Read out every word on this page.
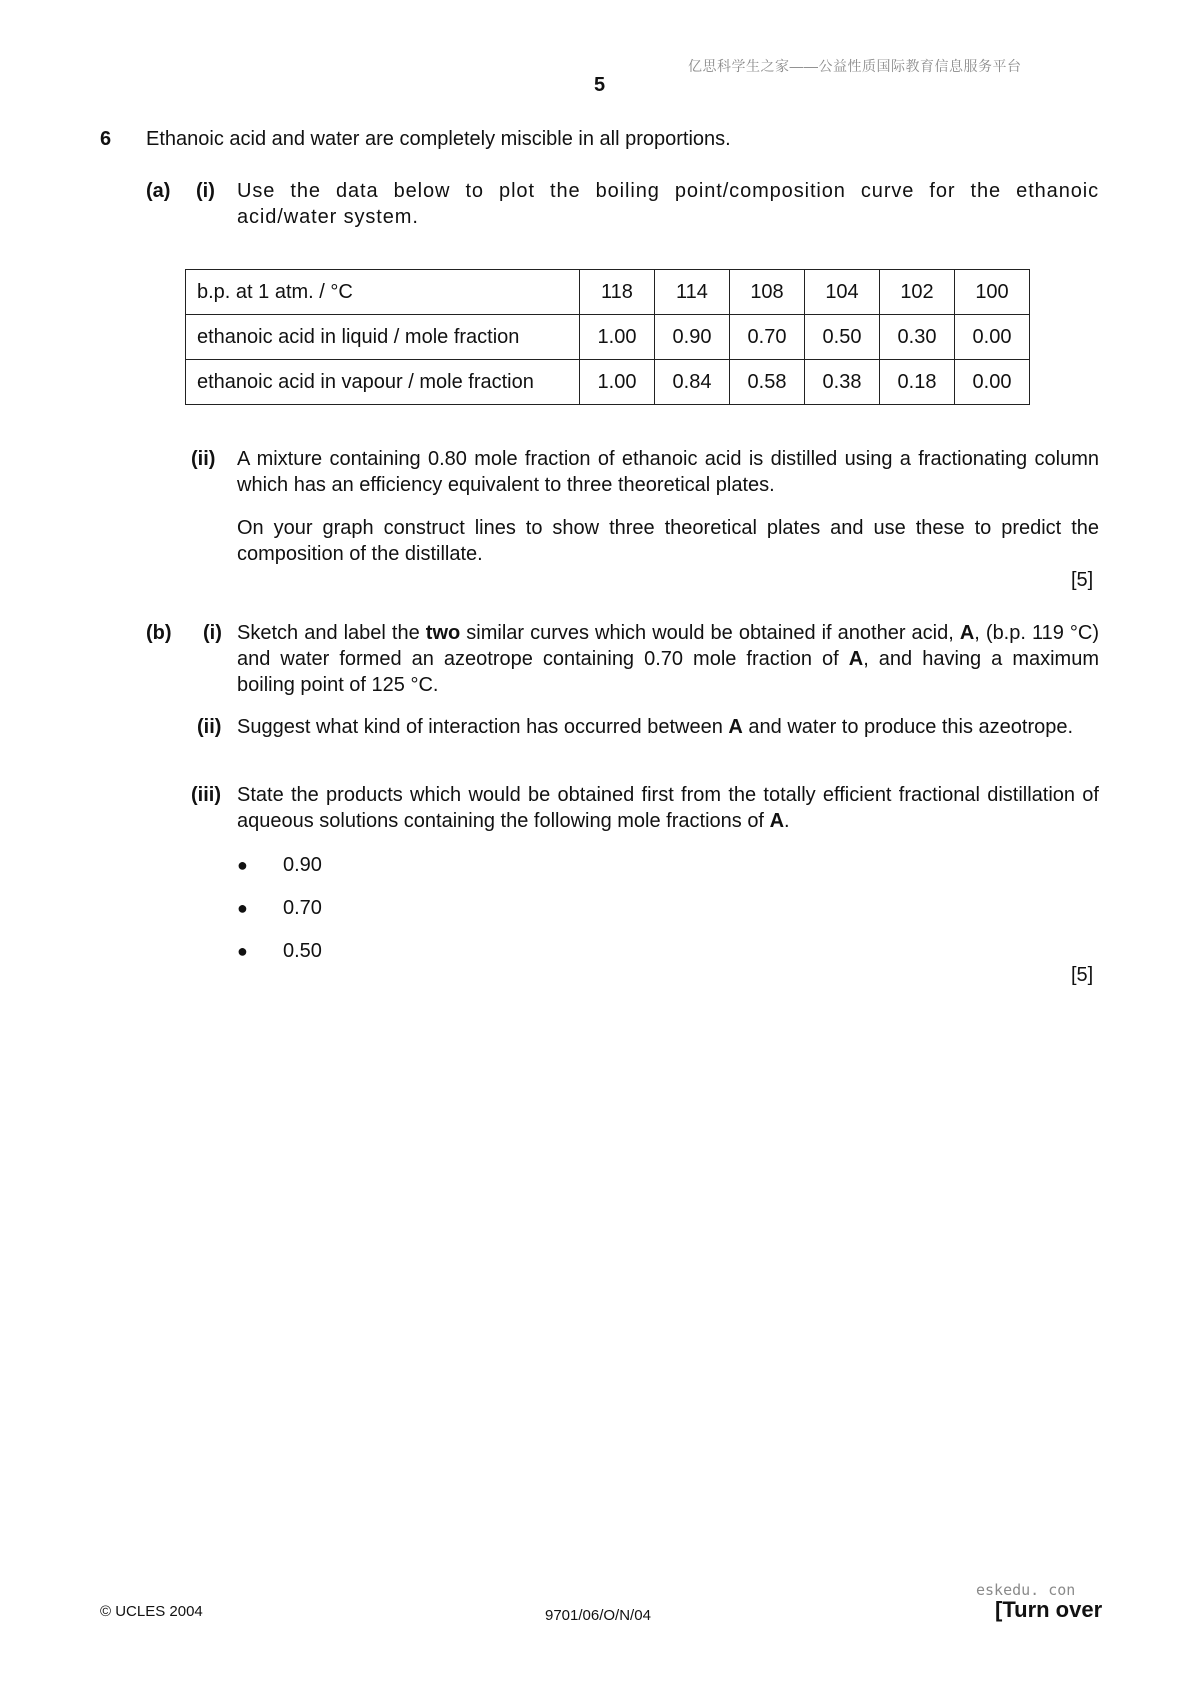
亿思科学生之家——公益性质国际教育信息服务平台
5
6 Ethanoic acid and water are completely miscible in all proportions.
(a) (i) Use the data below to plot the boiling point/composition curve for the ethanoic acid/water system.
b.p. at 1 atm. / °C	118	114	108	104	102	100
ethanoic acid in liquid / mole fraction	1.00	0.90	0.70	0.50	0.30	0.00
ethanoic acid in vapour / mole fraction	1.00	0.84	0.58	0.38	0.18	0.00
(ii) A mixture containing 0.80 mole fraction of ethanoic acid is distilled using a fractionating column which has an efficiency equivalent to three theoretical plates.
On your graph construct lines to show three theoretical plates and use these to predict the composition of the distillate.
[5]
(b) (i) Sketch and label the two similar curves which would be obtained if another acid, A, (b.p. 119 °C) and water formed an azeotrope containing 0.70 mole fraction of A, and having a maximum boiling point of 125 °C.
(ii) Suggest what kind of interaction has occurred between A and water to produce this azeotrope.
(iii) State the products which would be obtained first from the totally efficient fractional distillation of aqueous solutions containing the following mole fractions of A.
● 0.90
● 0.70
● 0.50
[5]
© UCLES 2004	9701/06/O/N/04
eskedu. con
[Turn over
